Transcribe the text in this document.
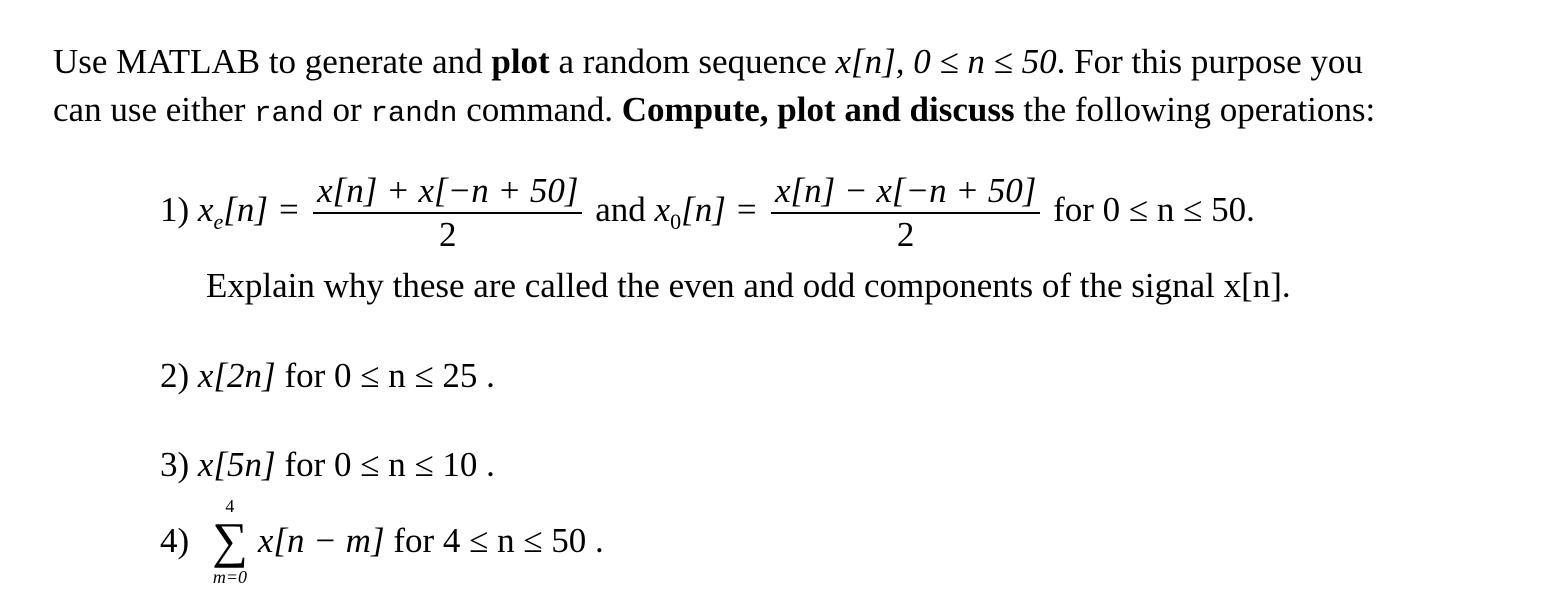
Use MATLAB to generate and plot a random sequence x[n], 0 ≤ n ≤ 50. For this purpose you
can use either rand or randn command. Compute, plot and discuss the following operations:
1) $x_e[n] = \frac{x[n] + x[-n + 50]}{2}$ and $x_0[n] = \frac{x[n] - x[-n + 50]}{2}$ for 0 ≤ n ≤ 50.
Explain why these are called the even and odd components of the signal x[n].
2) x[2n] for 0 ≤ n ≤ 25 .
3) x[5n] for 0 ≤ n ≤ 10 .
4)
4
∑
m=0
x[n − m] for 4 ≤ n ≤ 50 .
